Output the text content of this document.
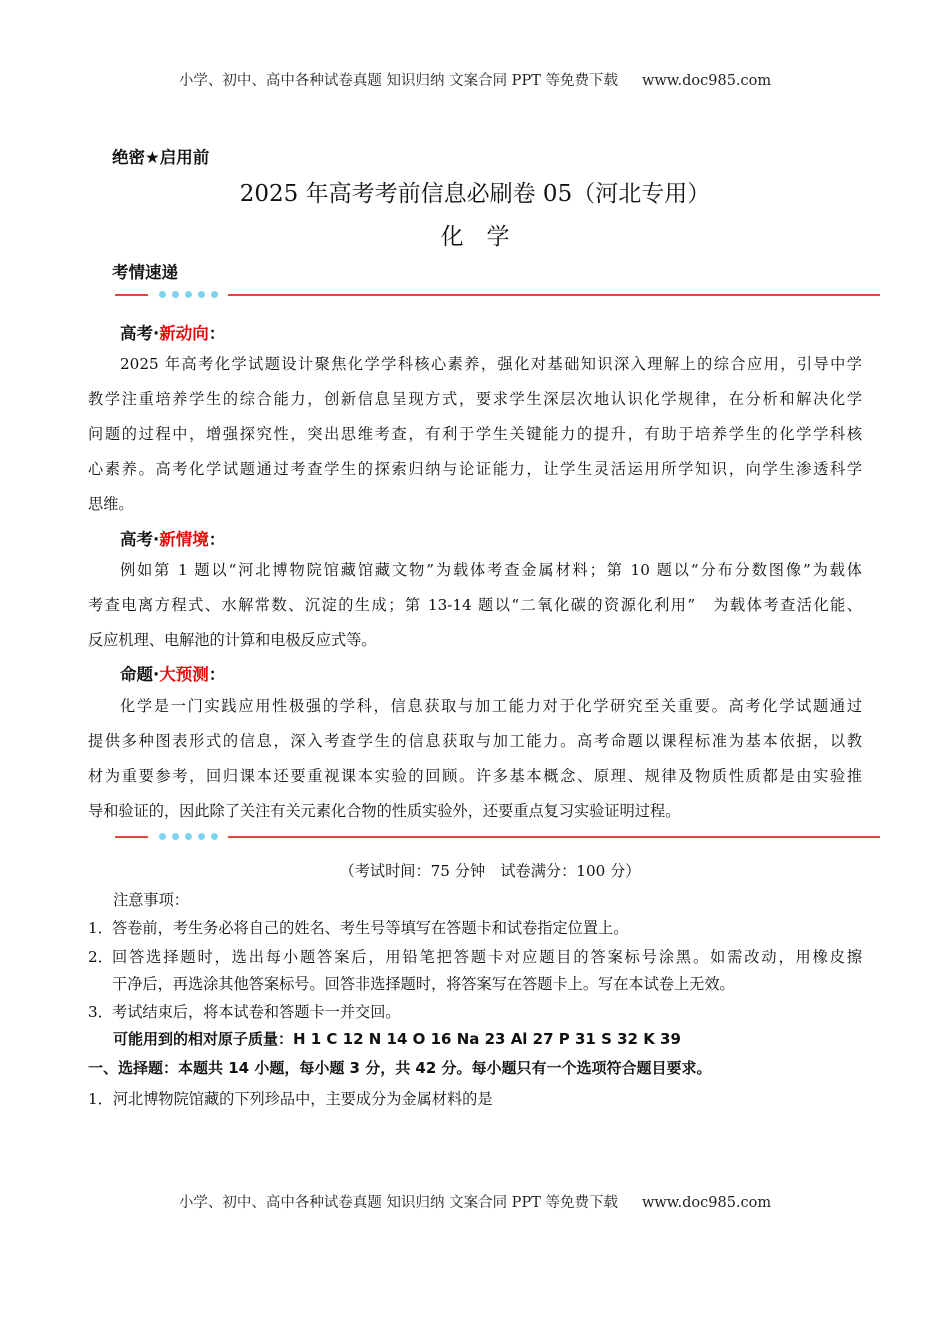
小学、初中、高中各种试卷真题 知识归纳 文案合同 PPT 等免费下载 www.doc985.com
绝密★启用前
2025 年高考考前信息必刷卷 05（河北专用）
化　学
考情速递
高考·新动向：
2025 年高考化学试题设计聚焦化学学科核心素养，强化对基础知识深入理解上的综合应用，引导中学
教学注重培养学生的综合能力，创新信息呈现方式，要求学生深层次地认识化学规律，在分析和解决化学
问题的过程中，增强探究性，突出思维考查，有利于学生关键能力的提升，有助于培养学生的化学学科核
心素养。高考化学试题通过考查学生的探索归纳与论证能力，让学生灵活运用所学知识，向学生渗透科学
思维。
高考·新情境：
例如第 1 题以“河北博物院馆藏馆藏文物”为载体考查金属材料；第 10 题以“分布分数图像”为载体
考查电离方程式、水解常数、沉淀的生成；第 13-14 题以“二氧化碳的资源化利用”　为载体考查活化能、
反应机理、电解池的计算和电极反应式等。
命题·大预测：
化学是一门实践应用性极强的学科，信息获取与加工能力对于化学研究至关重要。高考化学试题通过
提供多种图表形式的信息，深入考查学生的信息获取与加工能力。高考命题以课程标准为基本依据，以教
材为重要参考，回归课本还要重视课本实验的回顾。许多基本概念、原理、规律及物质性质都是由实验推
导和验证的，因此除了关注有关元素化合物的性质实验外，还要重点复习实验证明过程。
（考试时间：75 分钟　试卷满分：100 分）
注意事项：
1． 答卷前，考生务必将自己的姓名、考生号等填写在答题卡和试卷指定位置上。
2． 回答选择题时，选出每小题答案后，用铅笔把答题卡对应题目的答案标号涂黑。如需改动，用橡皮擦
干净后，再选涂其他答案标号。回答非选择题时，将答案写在答题卡上。写在本试卷上无效。
3． 考试结束后，将本试卷和答题卡一并交回。
可能用到的相对原子质量：H 1 C 12 N 14 O 16 Na 23 Al 27 P 31 S 32 K 39
一、选择题：本题共 14 小题，每小题 3 分，共 42 分。每小题只有一个选项符合题目要求。
1．河北博物院馆藏的下列珍品中，主要成分为金属材料的是
小学、初中、高中各种试卷真题 知识归纳 文案合同 PPT 等免费下载 www.doc985.com
